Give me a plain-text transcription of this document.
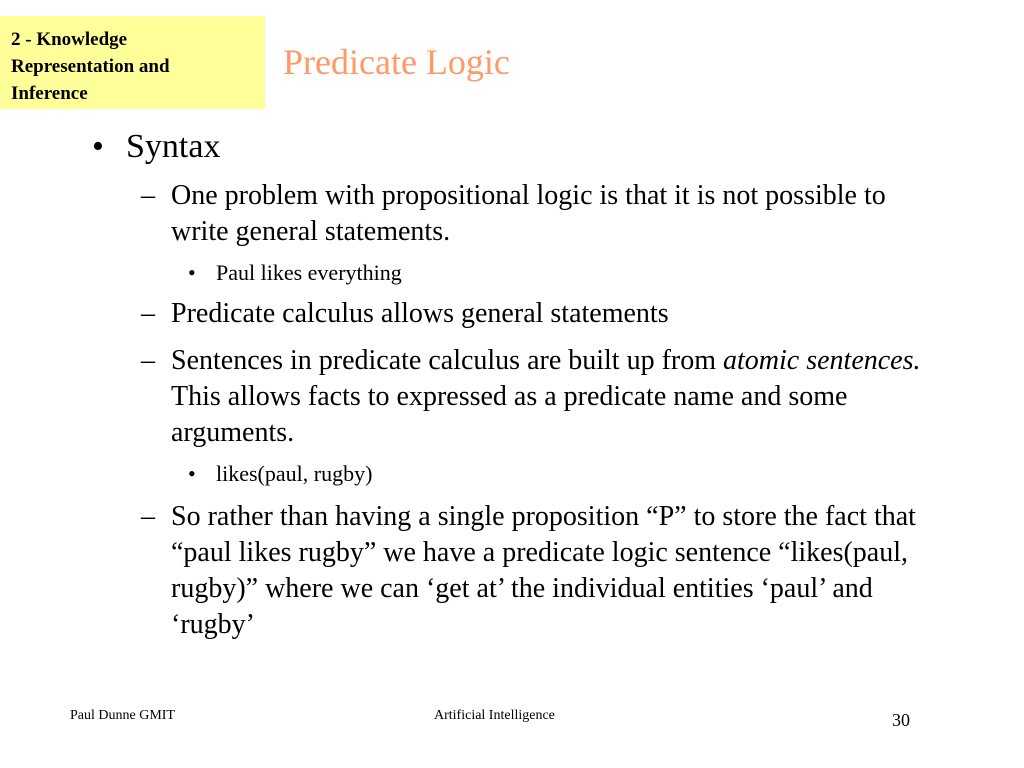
2 - Knowledge
Representation and
Inference
Predicate Logic
• Syntax
– One problem with propositional logic is that it is not possible to write general statements.
• Paul likes everything
– Predicate calculus allows general statements
– Sentences in predicate calculus are built up from atomic sentences. This allows facts to expressed as a predicate name and some arguments.
• likes(paul, rugby)
– So rather than having a single proposition “P” to store the fact that “paul likes rugby” we have a predicate logic sentence “likes(paul, rugby)” where we can ‘get at’ the individual entities ‘paul’ and ‘rugby’
Paul Dunne GMIT	Artificial Intelligence	30
